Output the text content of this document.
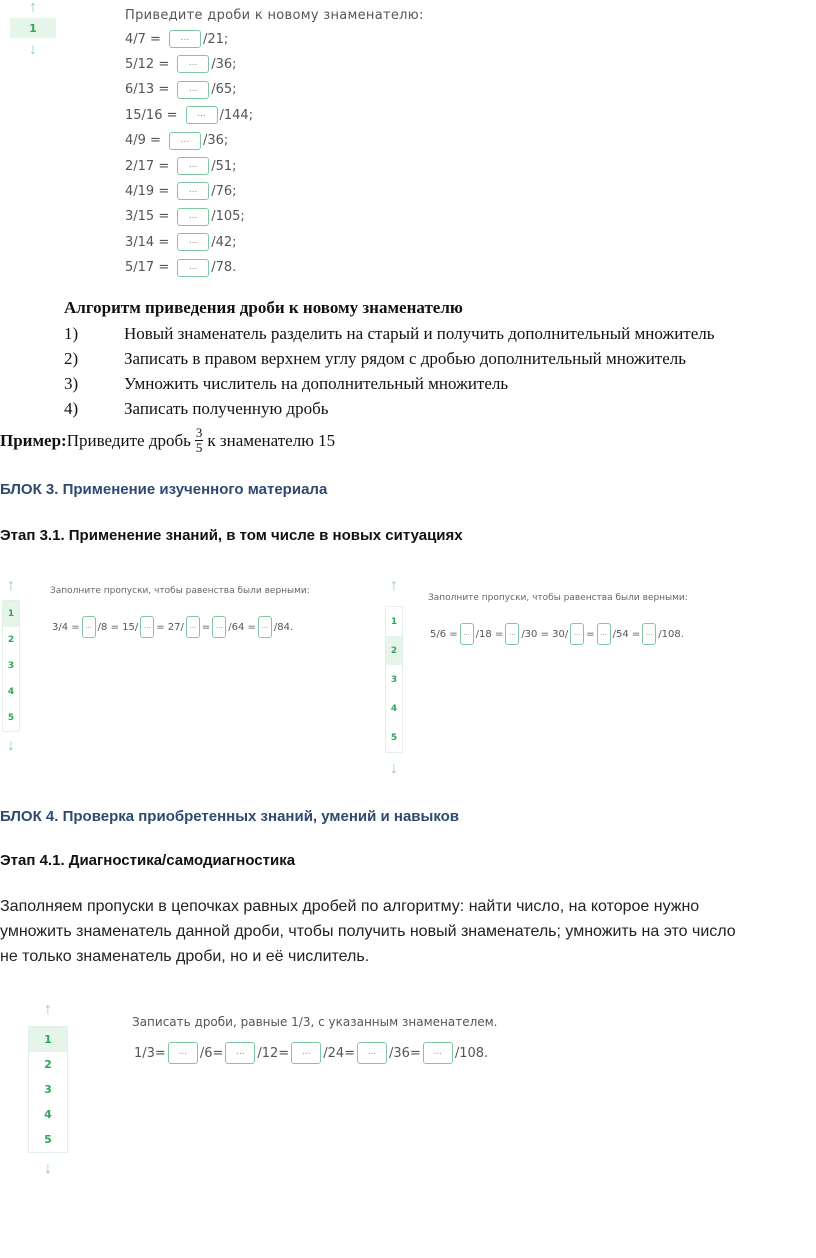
↑
1
↓
Приведите дроби к новому знаменателю:
4/7 =	...	/21;
5/12 =	...	/36;
6/13 =	...	/65;
15/16 =	...	/144;
4/9 =	...	/36;
2/17 =	...	/51;
4/19 =	...	/76;
3/15 =	...	/105;
3/14 =	...	/42;
5/17 =	...	/78.
Алгоритм приведения дроби к новому знаменателю
1)	Новый знаменатель разделить на старый и получить дополнительный множитель
2)	Записать в правом верхнем углу рядом с дробью дополнительный множитель
3)	Умножить числитель на дополнительный множитель
4)	Записать полученную дробь
Пример: Приведите дробь $\frac{3}{5}$ к знаменателю 15
БЛОК 3. Применение изученного материала
Этап 3.1. Применение знаний, в том числе в новых ситуациях
↑
1
2
3
4
5
↓
Заполните пропуски, чтобы равенства были верными:
3/4 = ... /8 = 15/ ... = 27/ ... = ... /64 = ... /84.
↑
1
2
3
4
5
↓
Заполните пропуски, чтобы равенства были верными:
5/6 = ... /18 = ... /30 = 30/ ... = ... /54 = ... /108.
БЛОК 4. Проверка приобретенных знаний, умений и навыков
Этап 4.1. Диагностика/самодиагностика
Заполняем пропуски в цепочках равных дробей по алгоритму: найти число, на которое нужно
умножить знаменатель данной дроби, чтобы получить новый знаменатель; умножить на это число
не только знаменатель дроби, но и её числитель.
↑
1
2
3
4
5
↓
Записать дроби, равные 1/3, с указанным знаменателем.
1/3=	... /6=	... /12=	... /24=	... /36=	... /108.
